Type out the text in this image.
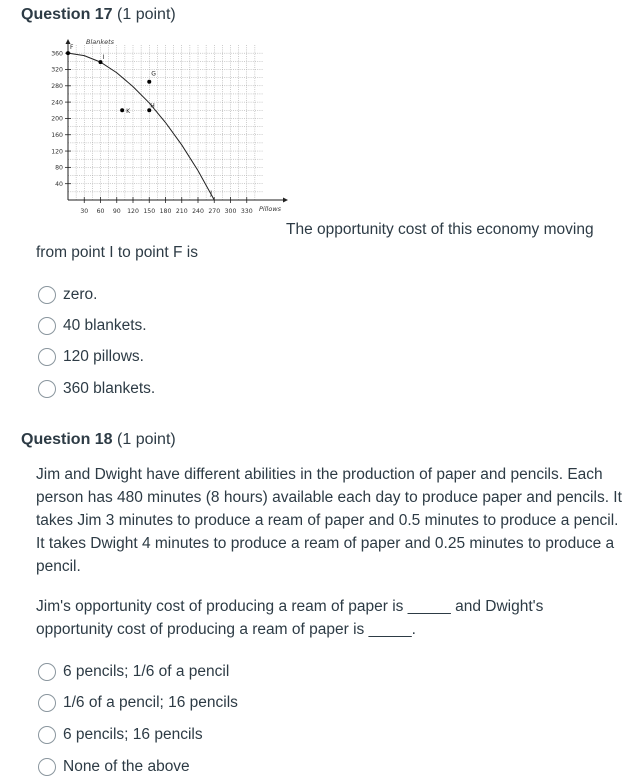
Question 17 (1 point)
40
80
120
160
200
240
280
320
360
30 60 90 120 150 180 210 240 270 300 330
F
I
G
H
K
J
Blankets
Pillows
The opportunity cost of this economy moving
from point I to point F is
zero.
40 blankets.
120 pillows.
360 blankets.
Question 18 (1 point)
Jim and Dwight have different abilities in the production of paper and pencils. Each
person has 480 minutes (8 hours) available each day to produce paper and pencils. It
takes Jim 3 minutes to produce a ream of paper and 0.5 minutes to produce a pencil.
It takes Dwight 4 minutes to produce a ream of paper and 0.25 minutes to produce a
pencil.
Jim's opportunity cost of producing a ream of paper is _____ and Dwight's
opportunity cost of producing a ream of paper is _____.
6 pencils; 1/6 of a pencil
1/6 of a pencil; 16 pencils
6 pencils; 16 pencils
None of the above
